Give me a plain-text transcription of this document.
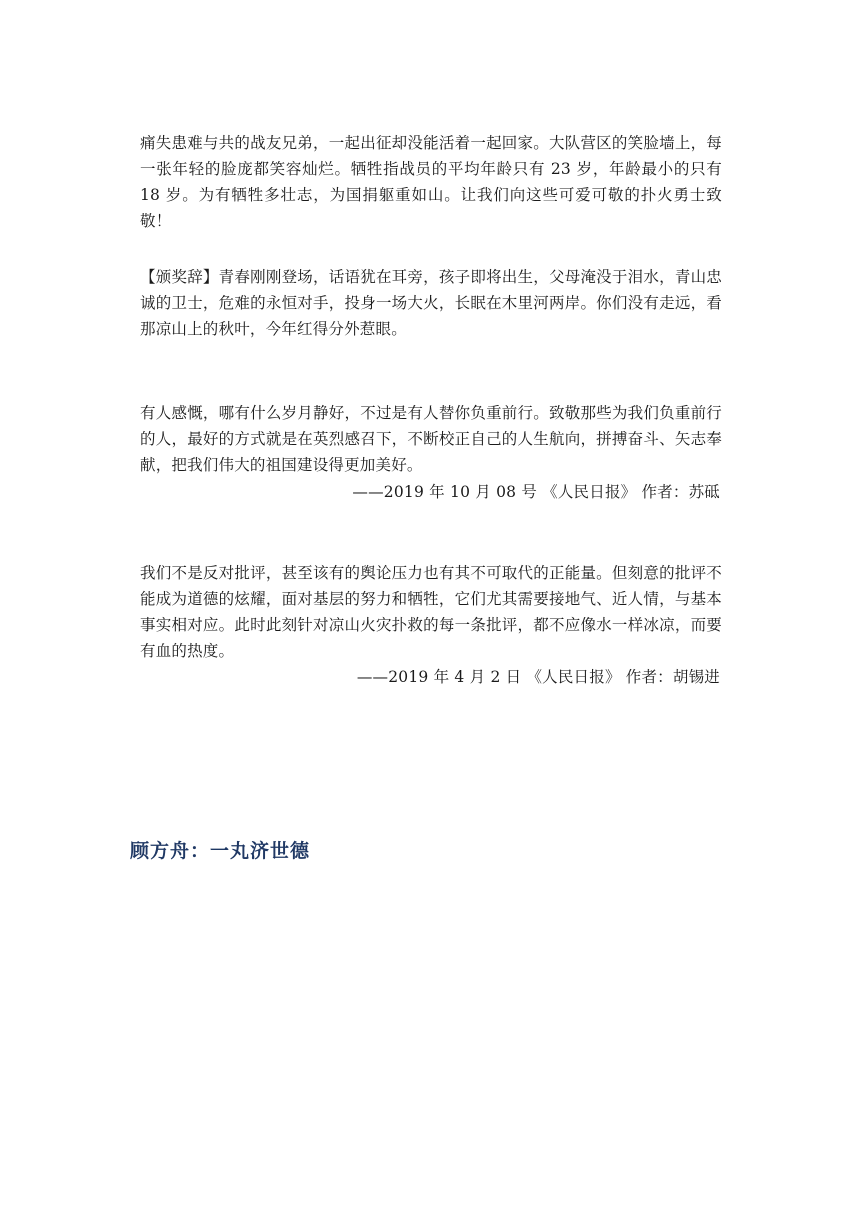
痛失患难与共的战友兄弟，一起出征却没能活着一起回家。大队营区的笑脸墙上，每一张年轻的脸庞都笑容灿烂。牺牲指战员的平均年龄只有 23 岁，年龄最小的只有 18 岁。为有牺牲多壮志，为国捐躯重如山。让我们向这些可爱可敬的扑火勇士致敬！

【颁奖辞】青春刚刚登场，话语犹在耳旁，孩子即将出生，父母淹没于泪水，青山忠诚的卫士，危难的永恒对手，投身一场大火，长眠在木里河两岸。你们没有走远，看那凉山上的秋叶，今年红得分外惹眼。

有人感慨，哪有什么岁月静好，不过是有人替你负重前行。致敬那些为我们负重前行的人，最好的方式就是在英烈感召下，不断校正自己的人生航向，拼搏奋斗、矢志奉献，把我们伟大的祖国建设得更加美好。

——2019 年 10 月 08 号 《人民日报》 作者：苏砥

我们不是反对批评，甚至该有的舆论压力也有其不可取代的正能量。但刻意的批评不能成为道德的炫耀，面对基层的努力和牺牲，它们尤其需要接地气、近人情，与基本事实相对应。此时此刻针对凉山火灾扑救的每一条批评，都不应像水一样冰凉，而要有血的热度。

——2019 年 4 月 2 日 《人民日报》 作者：胡锡进

顾方舟：一丸济世德
